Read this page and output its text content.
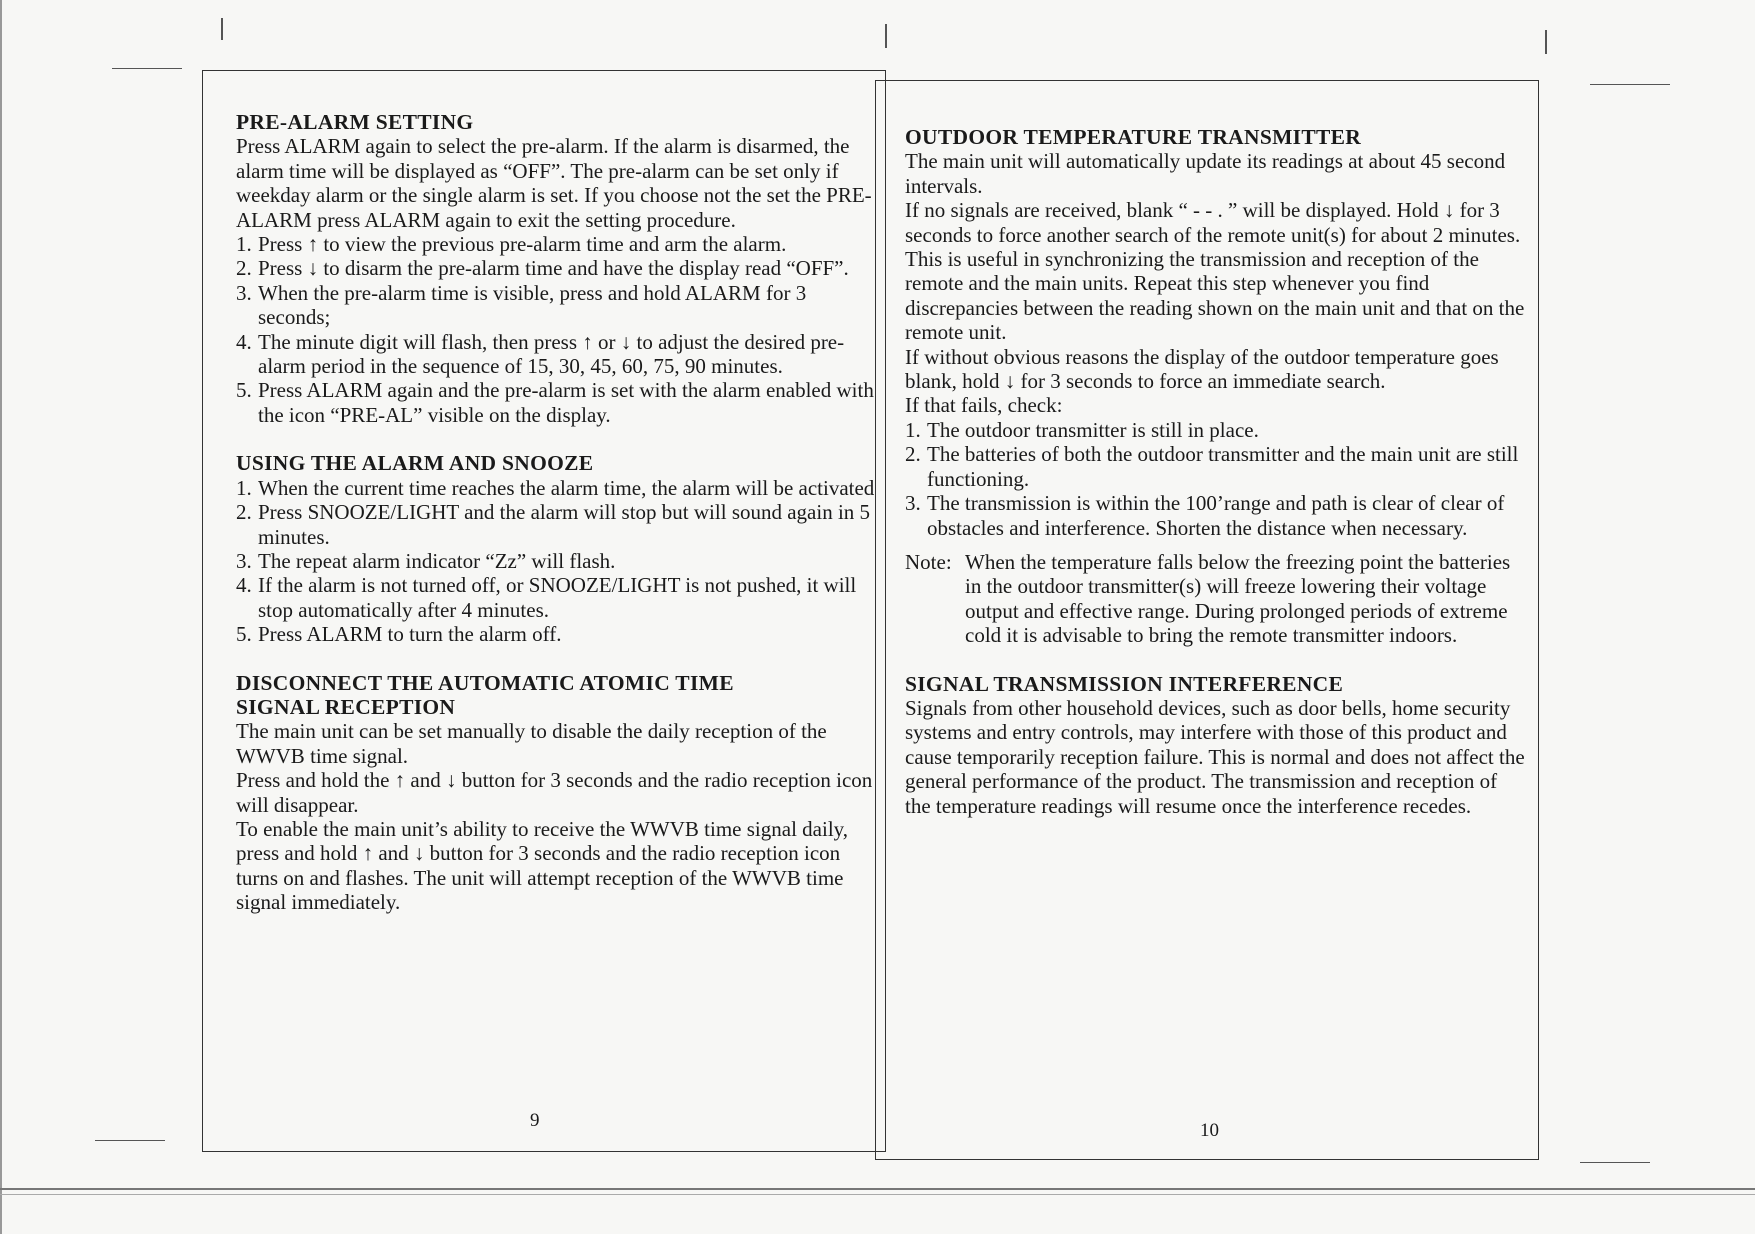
PRE-ALARM SETTING

Press ALARM again to select the pre-alarm. If the alarm is disarmed, the alarm time will be displayed as “OFF”. The pre-alarm can be set only if weekday alarm or the single alarm is set. If you choose not the set the PRE-ALARM press ALARM again to exit the setting procedure.

1. Press ↑ to view the previous pre-alarm time and arm the alarm.
2. Press ↓ to disarm the pre-alarm time and have the display read “OFF”.
3. When the pre-alarm time is visible, press and hold ALARM for 3 seconds;
4. The minute digit will flash, then press ↑ or ↓ to adjust the desired pre-alarm period in the sequence of 15, 30, 45, 60, 75, 90 minutes.
5. Press ALARM again and the pre-alarm is set with the alarm enabled with the icon “PRE-AL” visible on the display.
USING THE ALARM AND SNOOZE
1. When the current time reaches the alarm time, the alarm will be activated
2. Press SNOOZE/LIGHT and the alarm will stop but will sound again in 5 minutes.
3. The repeat alarm indicator “Zz” will flash.
4. If the alarm is not turned off, or SNOOZE/LIGHT is not pushed, it will stop automatically after 4 minutes.
5. Press ALARM to turn the alarm off.
DISCONNECT THE AUTOMATIC ATOMIC TIME
SIGNAL RECEPTION

The main unit can be set manually to disable the daily reception of the WWVB time signal.

Press and hold the ↑ and ↓ button for 3 seconds and the radio reception icon will disappear.

To enable the main unit’s ability to receive the WWVB time signal daily, press and hold ↑ and ↓ button for 3 seconds and the radio reception icon turns on and flashes. The unit will attempt reception of the WWVB time signal immediately.

9
OUTDOOR TEMPERATURE TRANSMITTER

The main unit will automatically update its readings at about 45 second intervals.

If no signals are received, blank “ - - . ” will be displayed. Hold ↓ for 3 seconds to force another search of the remote unit(s) for about 2 minutes. This is useful in synchronizing the transmission and reception of the remote and the main units. Repeat this step whenever you find discrepancies between the reading shown on the main unit and that on the remote unit.

If without obvious reasons the display of the outdoor temperature goes blank, hold ↓ for 3 seconds to force an immediate search.

If that fails, check:

1. The outdoor transmitter is still in place.
2. The batteries of both the outdoor transmitter and the main unit are still functioning.
3. The transmission is within the 100’range and path is clear of clear of obstacles and interference. Shorten the distance when necessary.
Note: When the temperature falls below the freezing point the batteries in the outdoor transmitter(s) will freeze lowering their voltage output and effective range. During prolonged periods of extreme cold it is advisable to bring the remote transmitter indoors.
SIGNAL TRANSMISSION INTERFERENCE

Signals from other household devices, such as door bells, home security systems and entry controls, may interfere with those of this product and cause temporarily reception failure. This is normal and does not affect the general performance of the product. The transmission and reception of the temperature readings will resume once the interference recedes.

10
